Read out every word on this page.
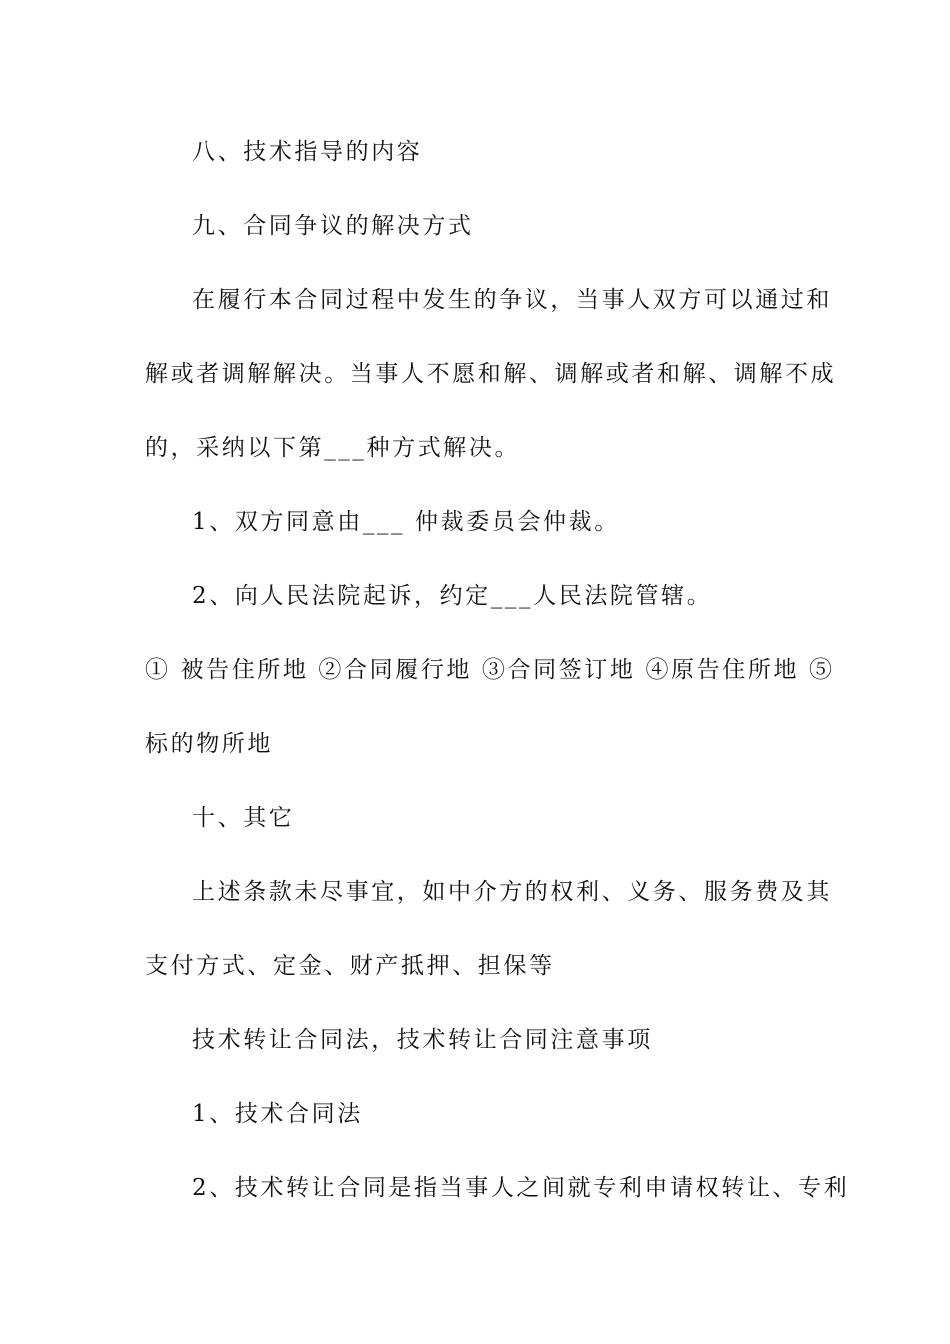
八、技术指导的内容
九、合同争议的解决方式
在履行本合同过程中发生的争议，当事人双方可以通过和
解或者调解解决。当事人不愿和解、调解或者和解、调解不成
的，采纳以下第___种方式解决。
1、双方同意由___ 仲裁委员会仲裁。
2、向人民法院起诉，约定___人民法院管辖。
① 被告住所地 ②合同履行地 ③合同签订地 ④原告住所地 ⑤
标的物所地
十、其它
上述条款未尽事宜，如中介方的权利、义务、服务费及其
支付方式、定金、财产抵押、担保等
技术转让合同法，技术转让合同注意事项
1、技术合同法
2、技术转让合同是指当事人之间就专利申请权转让、专利
